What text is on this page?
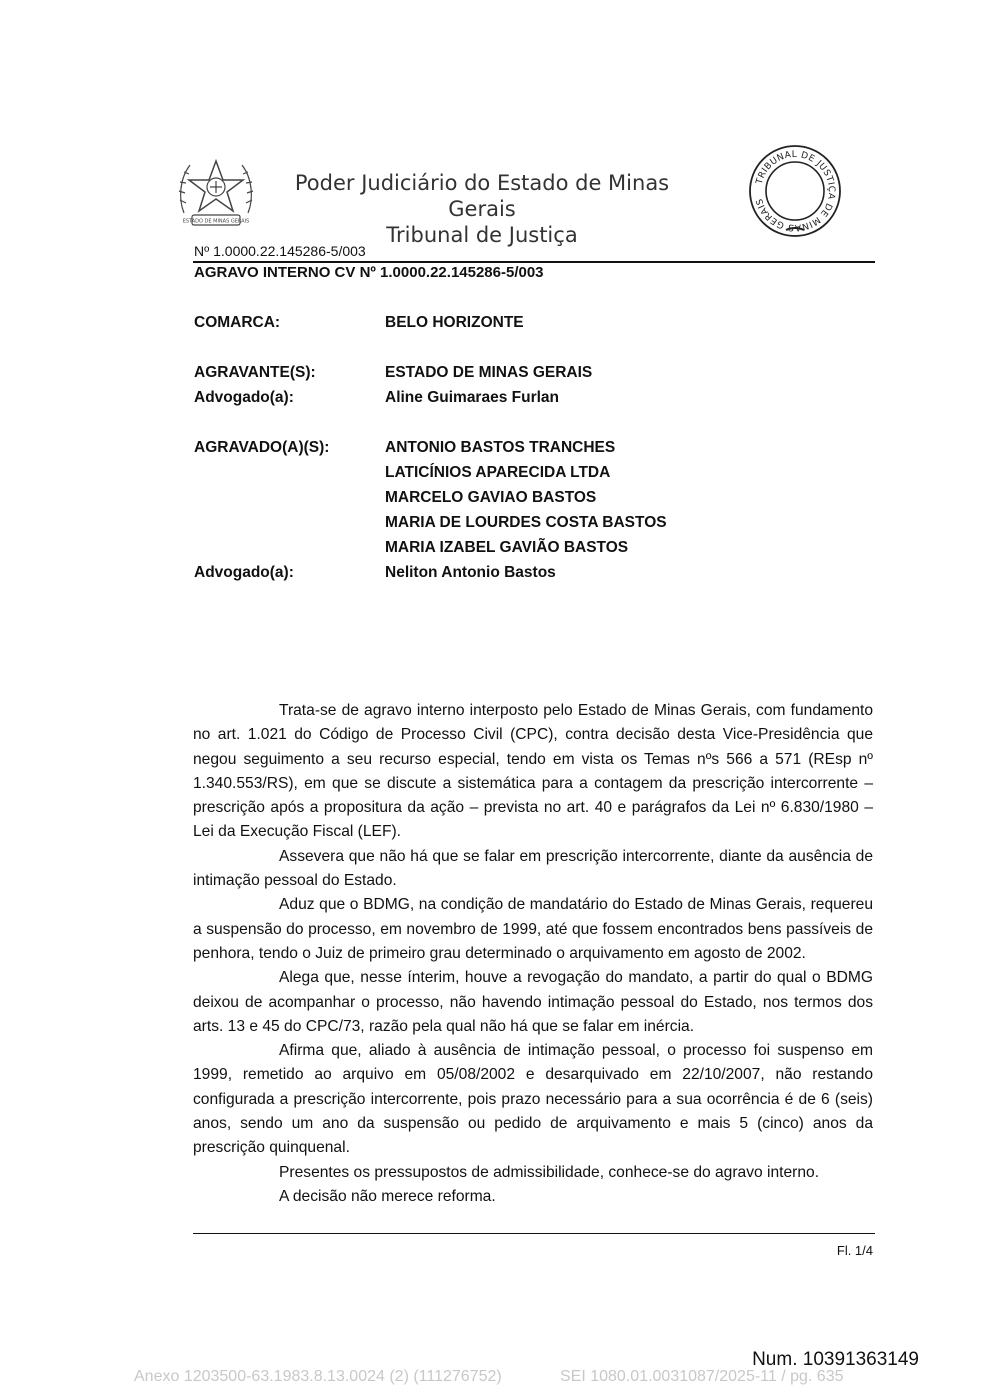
ESTADO DE MINAS GERAIS
Poder Judiciário do Estado de Minas Gerais
Tribunal de Justiça
TRIBUNAL DE JUSTIÇA DE MINAS GERAIS
Nº 1.0000.22.145286-5/003
AGRAVO INTERNO CV Nº 1.0000.22.145286-5/003
COMARCA:	BELO HORIZONTE
AGRAVANTE(S):	ESTADO DE MINAS GERAIS
Advogado(a):	Aline Guimaraes Furlan
AGRAVADO(A)(S):	ANTONIO BASTOS TRANCHES
LATICÍNIOS APARECIDA LTDA
MARCELO GAVIAO BASTOS
MARIA DE LOURDES COSTA BASTOS
MARIA IZABEL GAVIÃO BASTOS
Advogado(a):	Neliton Antonio Bastos

Trata-se de agravo interno interposto pelo Estado de Minas Gerais, com fundamento no art. 1.021 do Código de Processo Civil (CPC), contra decisão desta Vice-Presidência que negou seguimento a seu recurso especial, tendo em vista os Temas nºs 566 a 571 (REsp nº 1.340.553/RS), em que se discute a sistemática para a contagem da prescrição intercorrente – prescrição após a propositura da ação – prevista no art. 40 e parágrafos da Lei nº 6.830/1980 – Lei da Execução Fiscal (LEF).

Assevera que não há que se falar em prescrição intercorrente, diante da ausência de intimação pessoal do Estado.

Aduz que o BDMG, na condição de mandatário do Estado de Minas Gerais, requereu a suspensão do processo, em novembro de 1999, até que fossem encontrados bens passíveis de penhora, tendo o Juiz de primeiro grau determinado o arquivamento em agosto de 2002.

Alega que, nesse ínterim, houve a revogação do mandato, a partir do qual o BDMG deixou de acompanhar o processo, não havendo intimação pessoal do Estado, nos termos dos arts. 13 e 45 do CPC/73, razão pela qual não há que se falar em inércia.

Afirma que, aliado à ausência de intimação pessoal, o processo foi suspenso em 1999, remetido ao arquivo em 05/08/2002 e desarquivado em 22/10/2007, não restando configurada a prescrição intercorrente, pois prazo necessário para a sua ocorrência é de 6 (seis) anos, sendo um ano da suspensão ou pedido de arquivamento e mais 5 (cinco) anos da prescrição quinquenal.

Presentes os pressupostos de admissibilidade, conhece-se do agravo interno.

A decisão não merece reforma.

Fl. 1/4
Num. 10391363149
Anexo 1203500-63.1983.8.13.0024 (2) (111276752)	SEI 1080.01.0031087/2025-11 / pg. 635
